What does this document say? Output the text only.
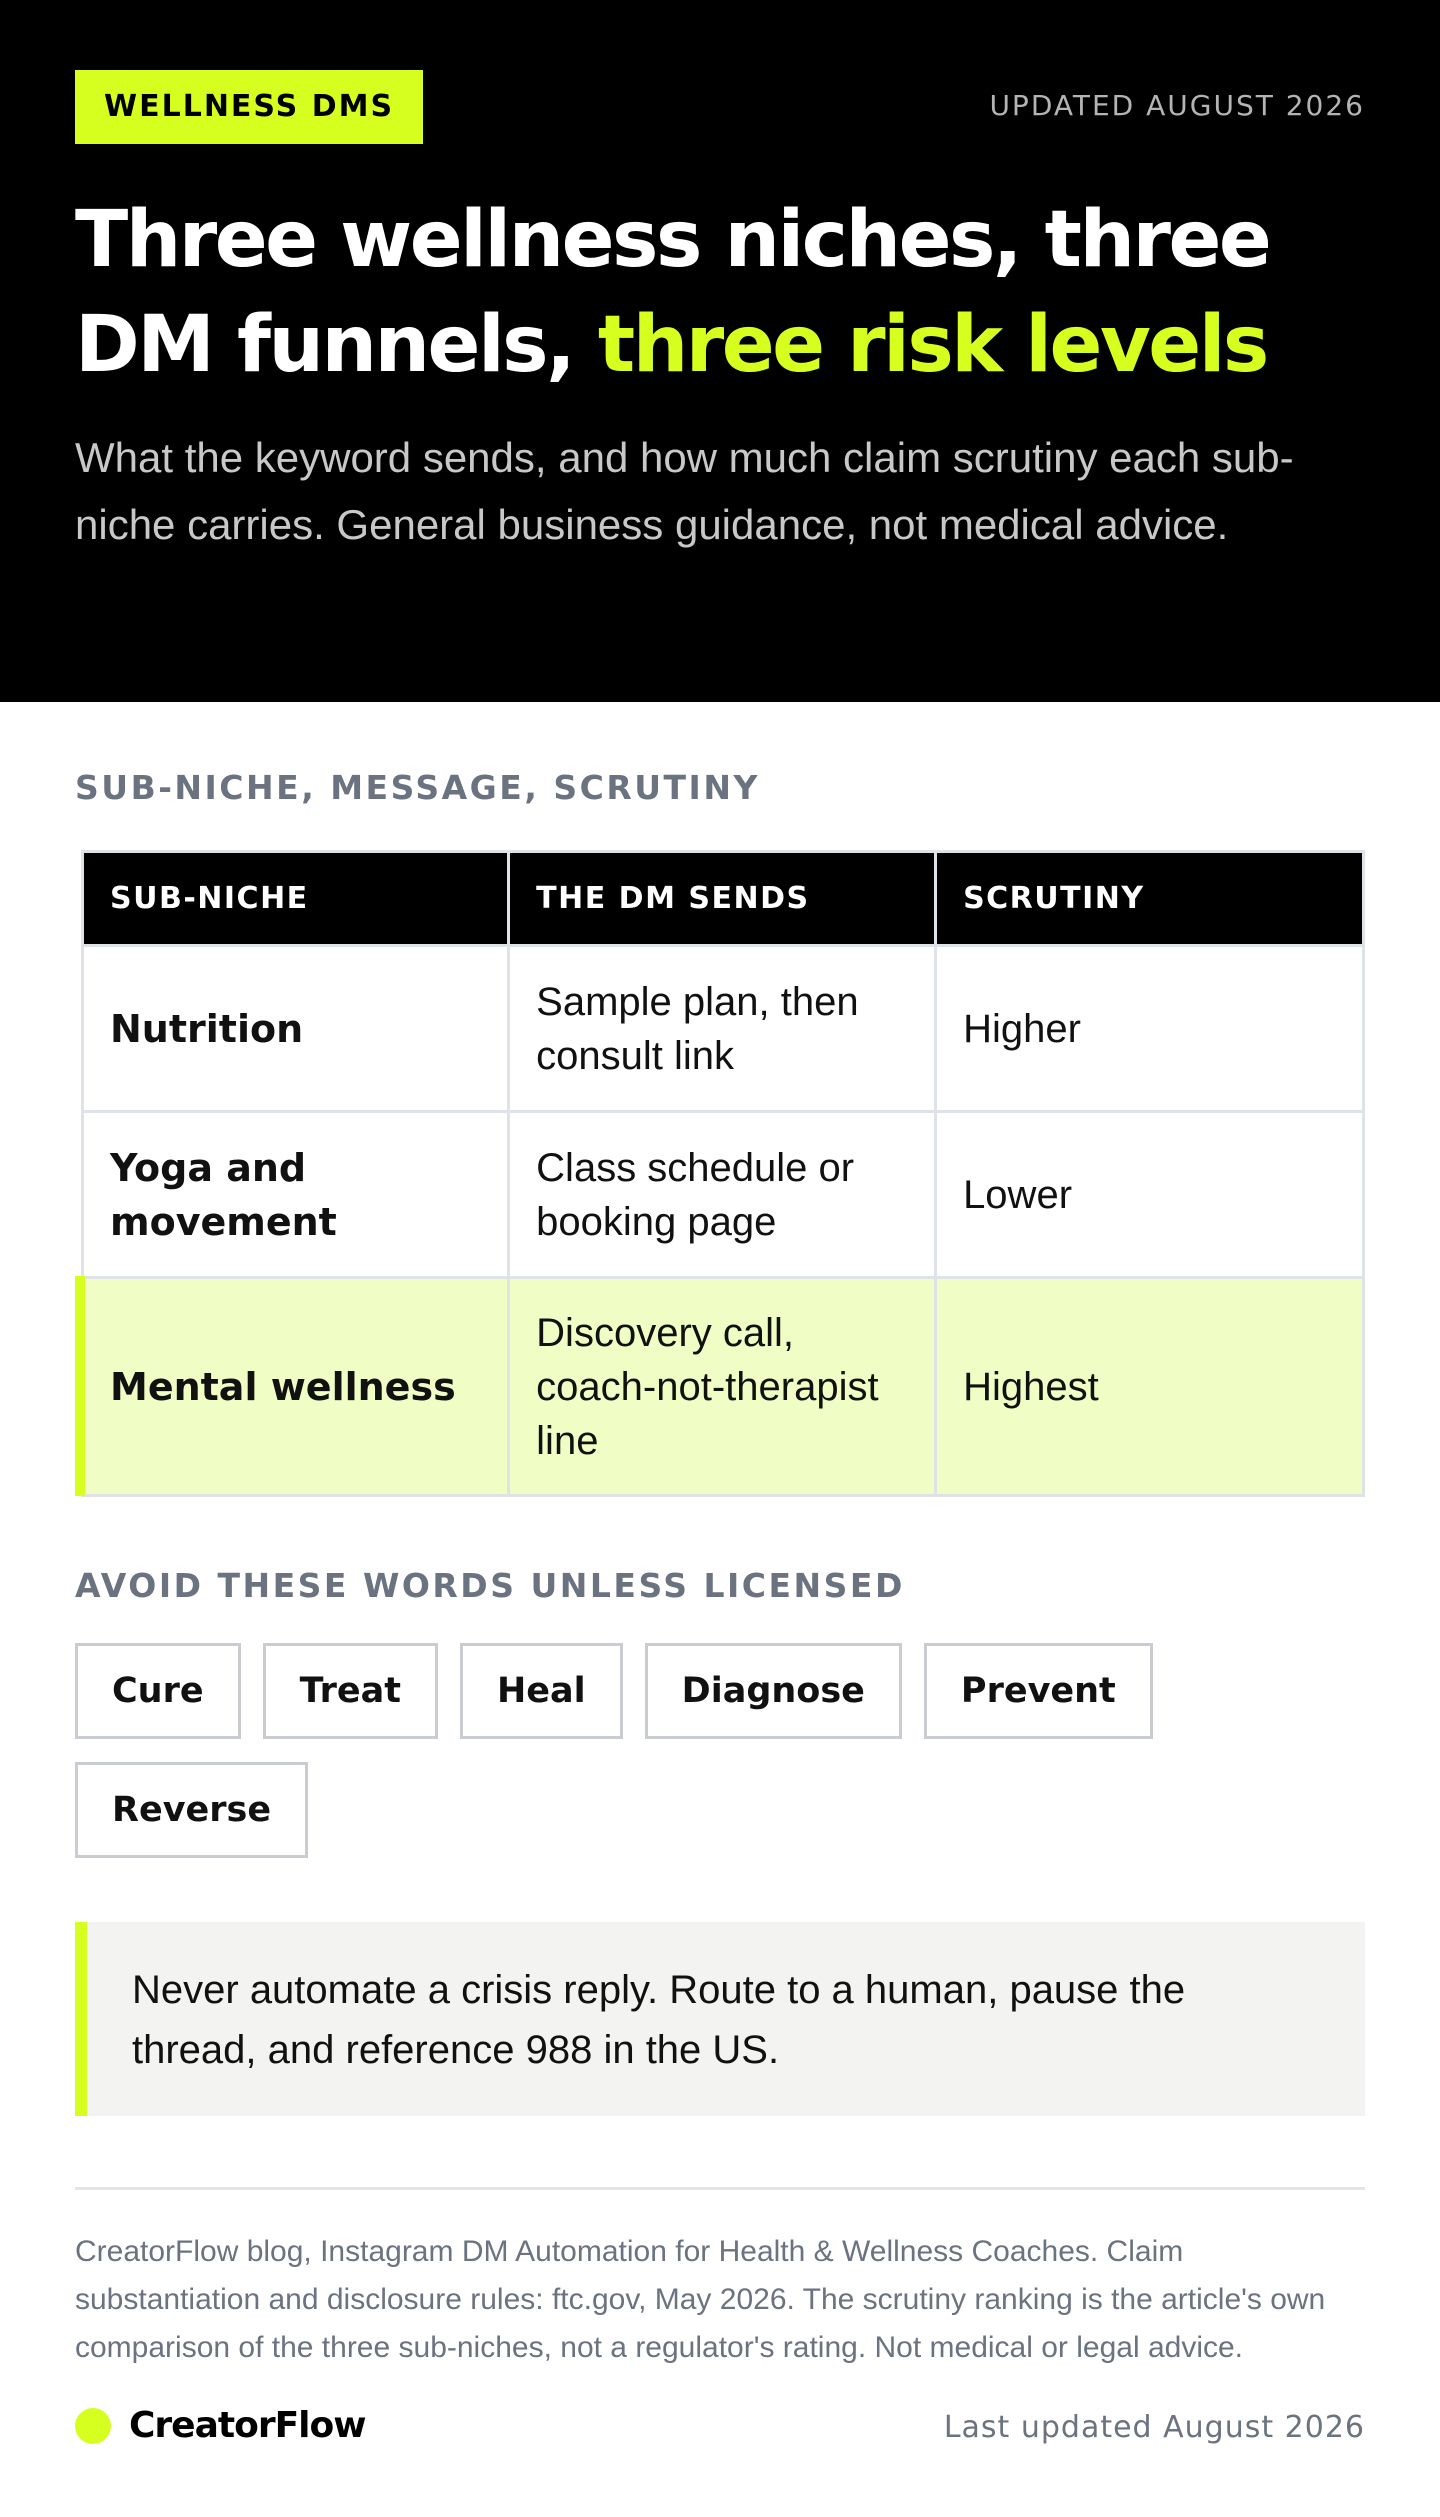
WELLNESS DMS	UPDATED AUGUST 2026
Three wellness niches, three DM funnels, three risk levels

What the keyword sends, and how much claim scrutiny each sub-niche carries. General business guidance, not medical advice.

SUB-NICHE, MESSAGE, SCRUTINY
SUB-NICHE	THE DM SENDS	SCRUTINY
Nutrition	Sample plan, then consult link	Higher
Yoga and movement	Class schedule or booking page	Lower
Mental wellness	Discovery call, coach-not-therapist line	Highest
AVOID THESE WORDS UNLESS LICENSED
Cure	Treat	Heal	Diagnose	Prevent
Reverse

Never automate a crisis reply. Route to a human, pause the thread, and reference 988 in the US.

CreatorFlow blog, Instagram DM Automation for Health & Wellness Coaches. Claim substantiation and disclosure rules: ftc.gov, May 2026. The scrutiny ranking is the article's own comparison of the three sub-niches, not a regulator's rating. Not medical or legal advice.

CreatorFlow	Last updated August 2026
